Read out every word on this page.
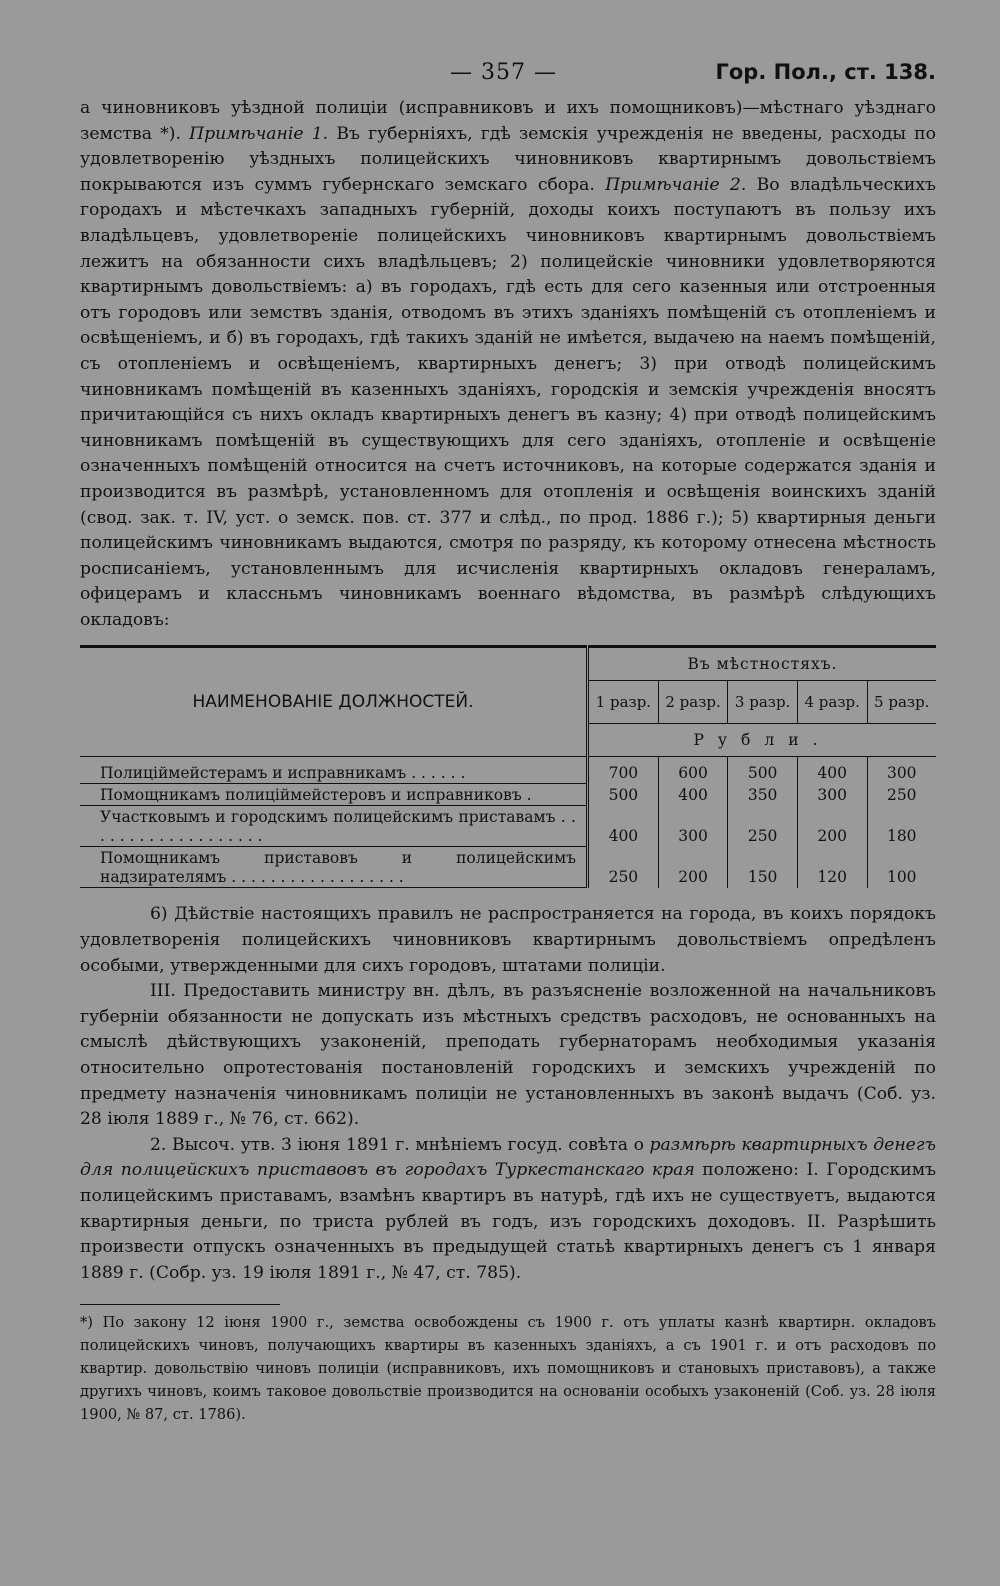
— 357 —	Гор. Пол., ст. 138.

а чиновниковъ уѣздной полиціи (исправниковъ и ихъ помощниковъ)—мѣстнаго уѣзднаго земства *). Примѣчаніе 1. Въ губерніяхъ, гдѣ земскія учрежденія не введены, расходы по удовлетворенію уѣздныхъ полицейскихъ чиновниковъ квартирнымъ довольствіемъ покрываются изъ суммъ губернскаго земскаго сбора. Примѣчаніе 2. Во владѣльческихъ городахъ и мѣстечкахъ западныхъ губерній, доходы коихъ поступаютъ въ пользу ихъ владѣльцевъ, удовлетвореніе полицейскихъ чиновниковъ квартирнымъ довольствіемъ лежитъ на обязанности сихъ владѣльцевъ; 2) полицейскіе чиновники удовлетворяются квартирнымъ довольствіемъ: а) въ городахъ, гдѣ есть для сего казенныя или отстроенныя отъ городовъ или земствъ зданія, отводомъ въ этихъ зданіяхъ помѣщеній съ отопленіемъ и освѣщеніемъ, и б) въ городахъ, гдѣ такихъ зданій не имѣется, выдачею на наемъ помѣщеній, съ отопленіемъ и освѣщеніемъ, квартирныхъ денегъ; 3) при отводѣ полицейскимъ чиновникамъ помѣщеній въ казенныхъ зданіяхъ, городскія и земскія учрежденія вносятъ причитающійся съ нихъ окладъ квартирныхъ денегъ въ казну; 4) при отводѣ полицейскимъ чиновникамъ помѣщеній въ существующихъ для сего зданіяхъ, отопленіе и освѣщеніе означенныхъ помѣщеній относится на счетъ источниковъ, на которые содержатся зданія и производится въ размѣрѣ, установленномъ для отопленія и освѣщенія воинскихъ зданій (свод. зак. т. IV, уст. о земск. пов. ст. 377 и слѣд., по прод. 1886 г.); 5) квартирныя деньги полицейскимъ чиновникамъ выдаются, смотря по разряду, къ которому отнесена мѣстность росписаніемъ, установленнымъ для исчисленія квартирныхъ окладовъ генераламъ, офицерамъ и классньмъ чиновникамъ военнаго вѣдомства, въ размѣрѣ слѣдующихъ окладовъ:

НАИМЕНОВАНІЕ ДОЛЖНОСТЕЙ.	Въ мѣстностяхъ.				
	1 разр.	2 разр.	3 разр.	4 разр.	5 разр.
	Рубли.				
Полиціймейстерамъ и исправникамъ . . . . . .	700	600	500	400	300
Помощникамъ полиціймейстеровъ и исправниковъ .	500	400	350	300	250
Участковымъ и городскимъ полицейскимъ приставамъ . . . . . . . . . . . . . . . . . . .	400	300	250	200	180
Помощникамъ приставовъ и полицейскимъ надзирателямъ . . . . . . . . . . . . . . . . . .	250	200	150	120	100

6) Дѣйствіе настоящихъ правилъ не распространяется на города, въ коихъ порядокъ удовлетворенія полицейскихъ чиновниковъ квартирнымъ довольствіемъ опредѣленъ особыми, утвержденными для сихъ городовъ, штатами полиціи.

III. Предоставить министру вн. дѣлъ, въ разъясненіе возложенной на начальниковъ губерніи обязанности не допускать изъ мѣстныхъ средствъ расходовъ, не основанныхъ на смыслѣ дѣйствующихъ узаконеній, преподать губернаторамъ необходимыя указанія относительно опротестованія постановленій городскихъ и земскихъ учрежденій по предмету назначенія чиновникамъ полиціи не установленныхъ въ законѣ выдачъ (Соб. уз. 28 іюля 1889 г., № 76, ст. 662).

2. Высоч. утв. 3 іюня 1891 г. мнѣніемъ госуд. совѣта о размѣрѣ квартирныхъ денегъ для полицейскихъ приставовъ въ городахъ Туркестанскаго края положено: I. Городскимъ полицейскимъ приставамъ, взамѣнъ квартиръ въ натурѣ, гдѣ ихъ не существуетъ, выдаются квартирныя деньги, по триста рублей въ годъ, изъ городскихъ доходовъ. II. Разрѣшить произвести отпускъ означенныхъ въ предыдущей статьѣ квартирныхъ денегъ съ 1 января 1889 г. (Собр. уз. 19 іюля 1891 г., № 47, ст. 785).

*) По закону 12 іюня 1900 г., земства освобождены съ 1900 г. отъ уплаты казнѣ квартирн. окладовъ полицейскихъ чиновъ, получающихъ квартиры въ казенныхъ зданіяхъ, а съ 1901 г. и отъ расходовъ по квартир. довольствію чиновъ полиціи (исправниковъ, ихъ помощниковъ и становыхъ приставовъ), а также другихъ чиновъ, коимъ таковое довольствіе производится на основаніи особыхъ узаконеній (Соб. уз. 28 іюля 1900, № 87, ст. 1786).
